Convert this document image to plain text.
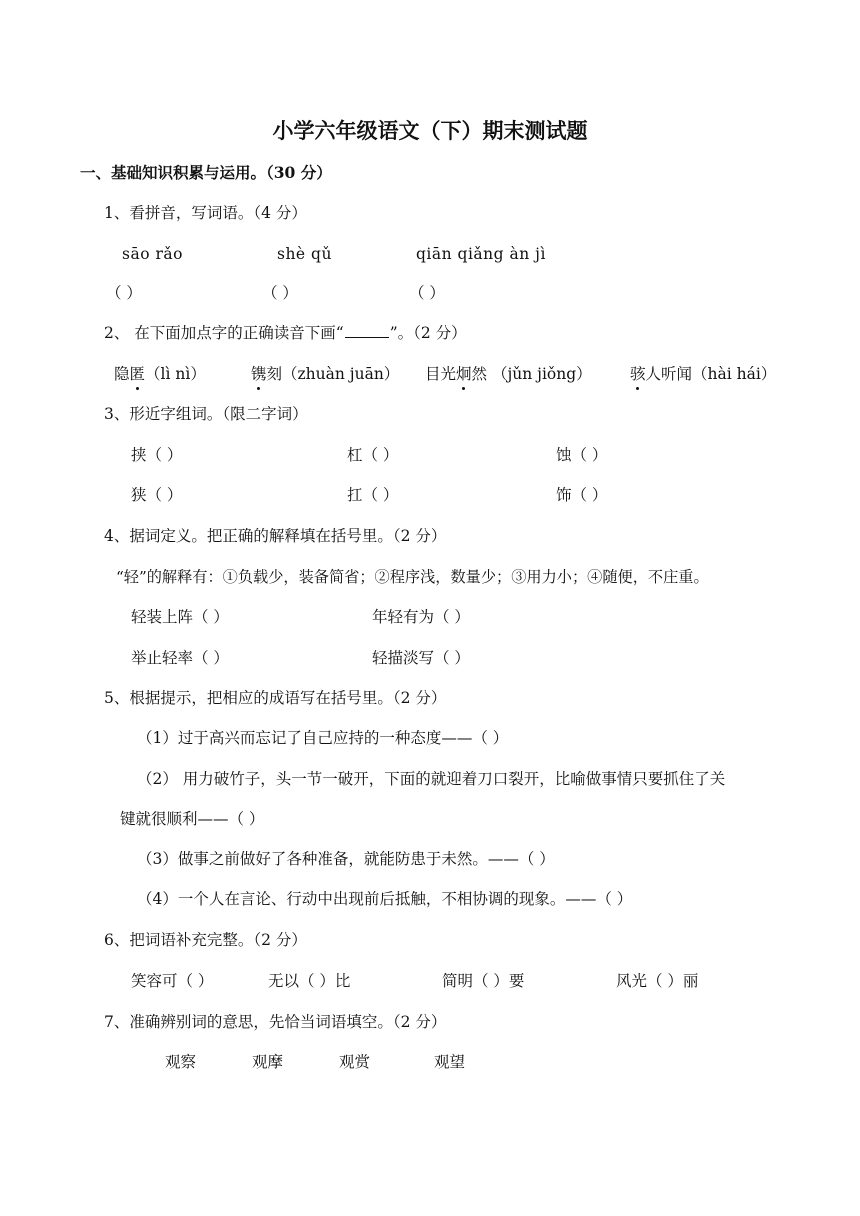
小学六年级语文（下）期末测试题
一、基础知识积累与运用。（30 分）
1、看拼音，写词语。（4 分）
sāo rǎo	shè qǔ	qiān qiǎng àn jì
（ ）	（ ）	（ ）
2、 在下面加点字的正确读音下画“	”。（2 分）
隐匿（lì nì）	镌刻（zhuàn juān） 目光炯然 （jǔn jiǒng） 骇人听闻（hài hái）
3、形近字组词。（限二字词）
挟（ ）	杠（ ）	蚀（ ）
狭（ ）	扛（ ）	饰（ ）
4、据词定义。把正确的解释填在括号里。（2 分）
“轻”的解释有：①负载少，装备简省；②程序浅，数量少；③用力小；④随便，不庄重。
轻装上阵（ ）	年轻有为（ ）
举止轻率（ ）	轻描淡写（ ）
5、根据提示，把相应的成语写在括号里。（2 分）
（1）过于高兴而忘记了自己应持的一种态度——（ ）
（2） 用力破竹子，头一节一破开，下面的就迎着刀口裂开，比喻做事情只要抓住了关
键就很顺利——（ ）
（3）做事之前做好了各种准备，就能防患于未然。——（ ）
（4）一个人在言论、行动中出现前后抵触，不相协调的现象。——（ ）
6、把词语补充完整。（2 分）
笑容可（ ）	无以（ ）比	简明（ ）要	风光（ ）丽
7、准确辨别词的意思，先恰当词语填空。（2 分）
观察	观摩	观赏	观望
